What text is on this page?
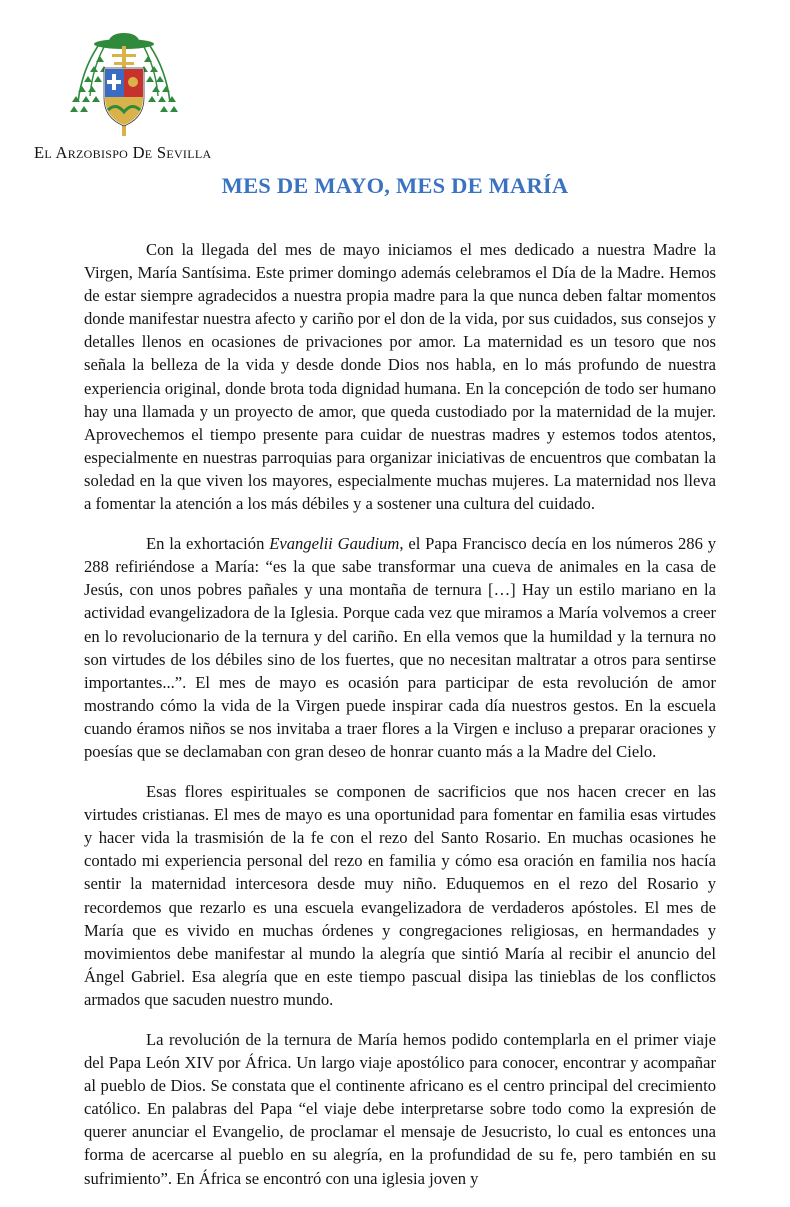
El Arzobispo De Sevilla
MES DE MAYO, MES DE MARÍA

Con la llegada del mes de mayo iniciamos el mes dedicado a nuestra Madre la Virgen, María Santísima. Este primer domingo además celebramos el Día de la Madre. Hemos de estar siempre agradecidos a nuestra propia madre para la que nunca deben faltar momentos donde manifestar nuestra afecto y cariño por el don de la vida, por sus cuidados, sus consejos y detalles llenos en ocasiones de privaciones por amor. La maternidad es un tesoro que nos señala la belleza de la vida y desde donde Dios nos habla, en lo más profundo de nuestra experiencia original, donde brota toda dignidad humana. En la concepción de todo ser humano hay una llamada y un proyecto de amor, que queda custodiado por la maternidad de la mujer. Aprovechemos el tiempo presente para cuidar de nuestras madres y estemos todos atentos, especialmente en nuestras parroquias para organizar iniciativas de encuentros que combatan la soledad en la que viven los mayores, especialmente muchas mujeres. La maternidad nos lleva a fomentar la atención a los más débiles y a sostener una cultura del cuidado.

En la exhortación Evangelii Gaudium, el Papa Francisco decía en los números 286 y 288 refiriéndose a María: “es la que sabe transformar una cueva de animales en la casa de Jesús, con unos pobres pañales y una montaña de ternura […] Hay un estilo mariano en la actividad evangelizadora de la Iglesia. Porque cada vez que miramos a María volvemos a creer en lo revolucionario de la ternura y del cariño. En ella vemos que la humildad y la ternura no son virtudes de los débiles sino de los fuertes, que no necesitan maltratar a otros para sentirse importantes...”. El mes de mayo es ocasión para participar de esta revolución de amor mostrando cómo la vida de la Virgen puede inspirar cada día nuestros gestos. En la escuela cuando éramos niños se nos invitaba a traer flores a la Virgen e incluso a preparar oraciones y poesías que se declamaban con gran deseo de honrar cuanto más a la Madre del Cielo.

Esas flores espirituales se componen de sacrificios que nos hacen crecer en las virtudes cristianas. El mes de mayo es una oportunidad para fomentar en familia esas virtudes y hacer vida la trasmisión de la fe con el rezo del Santo Rosario. En muchas ocasiones he contado mi experiencia personal del rezo en familia y cómo esa oración en familia nos hacía sentir la maternidad intercesora desde muy niño. Eduquemos en el rezo del Rosario y recordemos que rezarlo es una escuela evangelizadora de verdaderos apóstoles. El mes de María que es vivido en muchas órdenes y congregaciones religiosas, en hermandades y movimientos debe manifestar al mundo la alegría que sintió María al recibir el anuncio del Ángel Gabriel. Esa alegría que en este tiempo pascual disipa las tinieblas de los conflictos armados que sacuden nuestro mundo.

La revolución de la ternura de María hemos podido contemplarla en el primer viaje del Papa León XIV por África. Un largo viaje apostólico para conocer, encontrar y acompañar al pueblo de Dios. Se constata que el continente africano es el centro principal del crecimiento católico. En palabras del Papa “el viaje debe interpretarse sobre todo como la expresión de querer anunciar el Evangelio, de proclamar el mensaje de Jesucristo, lo cual es entonces una forma de acercarse al pueblo en su alegría, en la profundidad de su fe, pero también en su sufrimiento”. En África se encontró con una iglesia joven y
